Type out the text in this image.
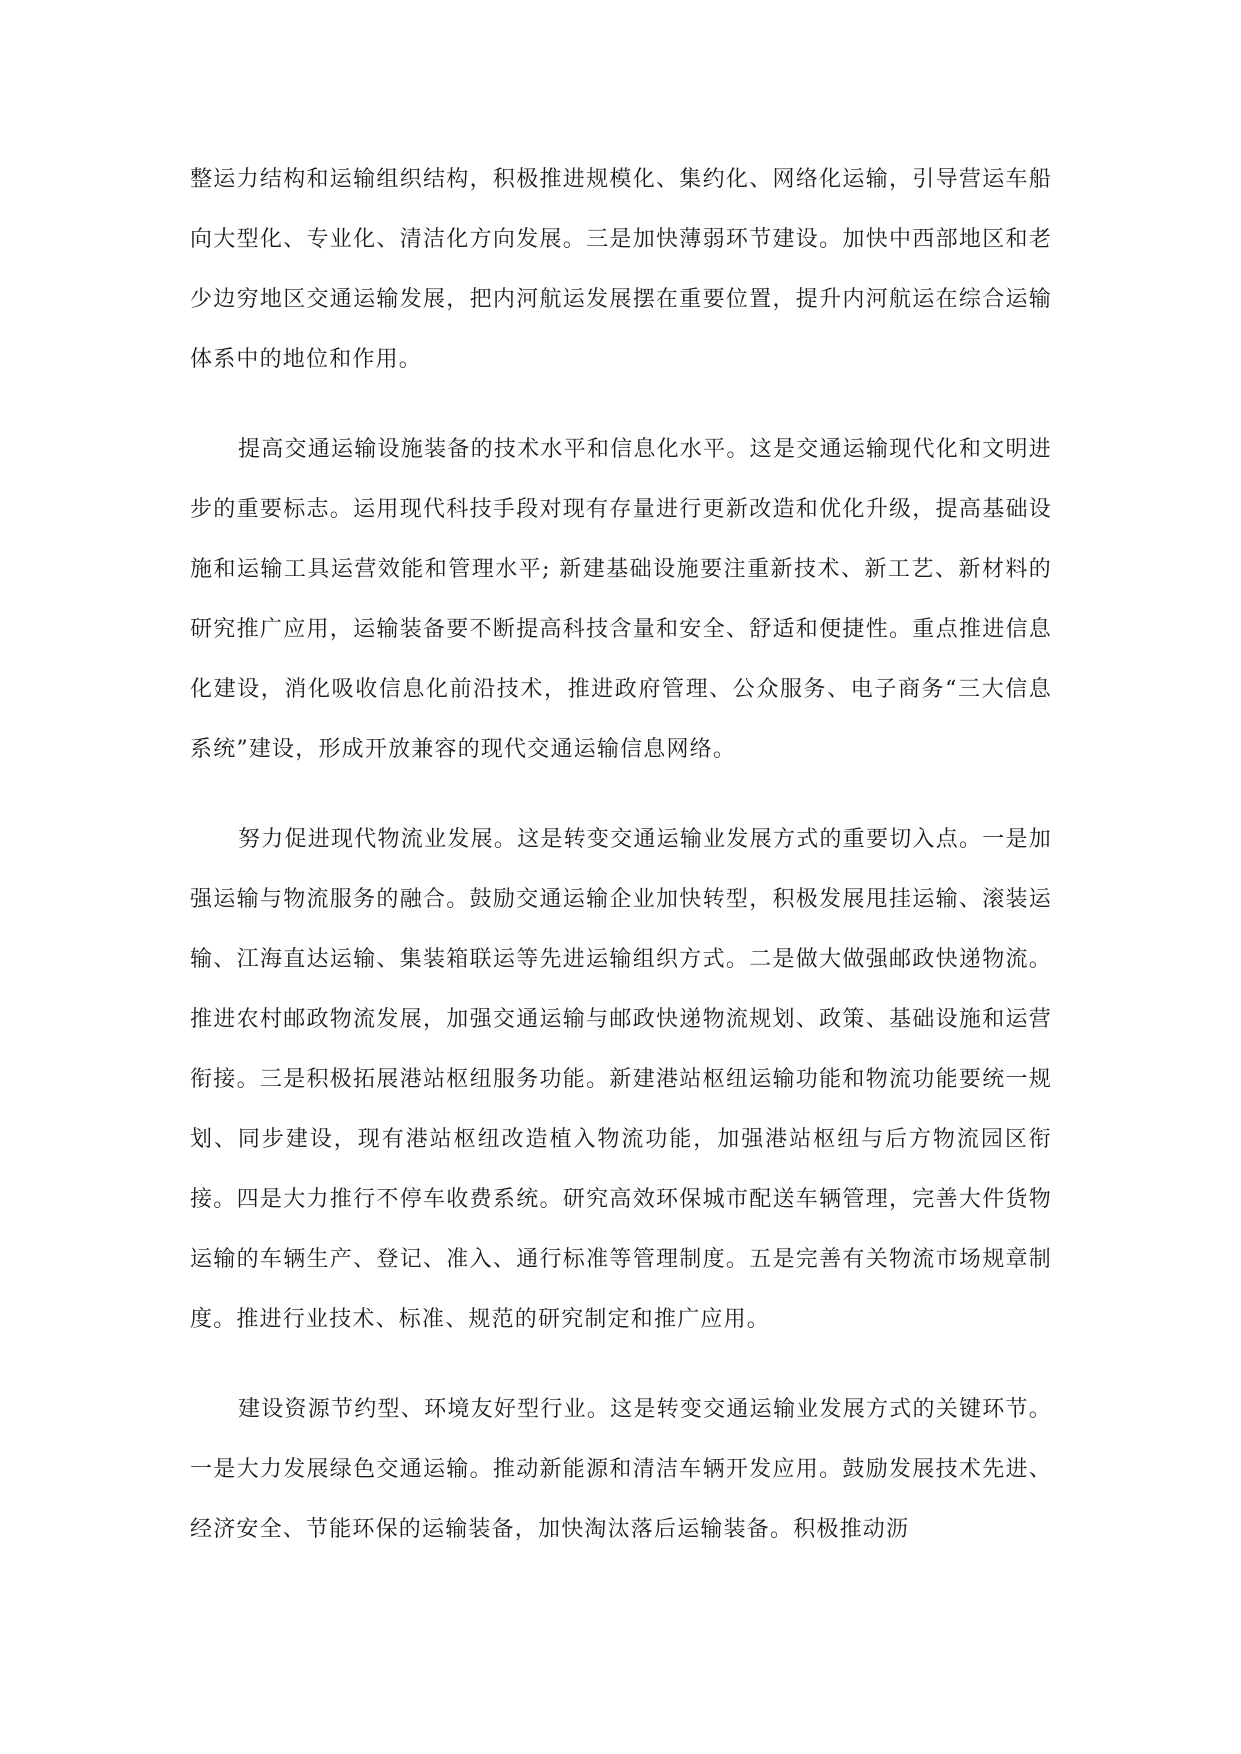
整运力结构和运输组织结构，积极推进规模化、集约化、网络化运输，引导营运车船向大型化、专业化、清洁化方向发展。三是加快薄弱环节建设。加快中西部地区和老少边穷地区交通运输发展，把内河航运发展摆在重要位置，提升内河航运在综合运输体系中的地位和作用。

提高交通运输设施装备的技术水平和信息化水平。这是交通运输现代化和文明进步的重要标志。运用现代科技手段对现有存量进行更新改造和优化升级，提高基础设施和运输工具运营效能和管理水平; 新建基础设施要注重新技术、新工艺、新材料的研究推广应用，运输装备要不断提高科技含量和安全、舒适和便捷性。重点推进信息化建设，消化吸收信息化前沿技术，推进政府管理、公众服务、电子商务“三大信息系统”建设，形成开放兼容的现代交通运输信息网络。

努力促进现代物流业发展。这是转变交通运输业发展方式的重要切入点。一是加强运输与物流服务的融合。鼓励交通运输企业加快转型，积极发展甩挂运输、滚装运输、江海直达运输、集装箱联运等先进运输组织方式。二是做大做强邮政快递物流。推进农村邮政物流发展，加强交通运输与邮政快递物流规划、政策、基础设施和运营衔接。三是积极拓展港站枢纽服务功能。新建港站枢纽运输功能和物流功能要统一规划、同步建设，现有港站枢纽改造植入物流功能，加强港站枢纽与后方物流园区衔接。四是大力推行不停车收费系统。研究高效环保城市配送车辆管理，完善大件货物运输的车辆生产、登记、准入、通行标准等管理制度。五是完善有关物流市场规章制度。推进行业技术、标准、规范的研究制定和推广应用。

建设资源节约型、环境友好型行业。这是转变交通运输业发展方式的关键环节。一是大力发展绿色交通运输。推动新能源和清洁车辆开发应用。鼓励发展技术先进、经济安全、节能环保的运输装备，加快淘汰落后运输装备。积极推动沥
